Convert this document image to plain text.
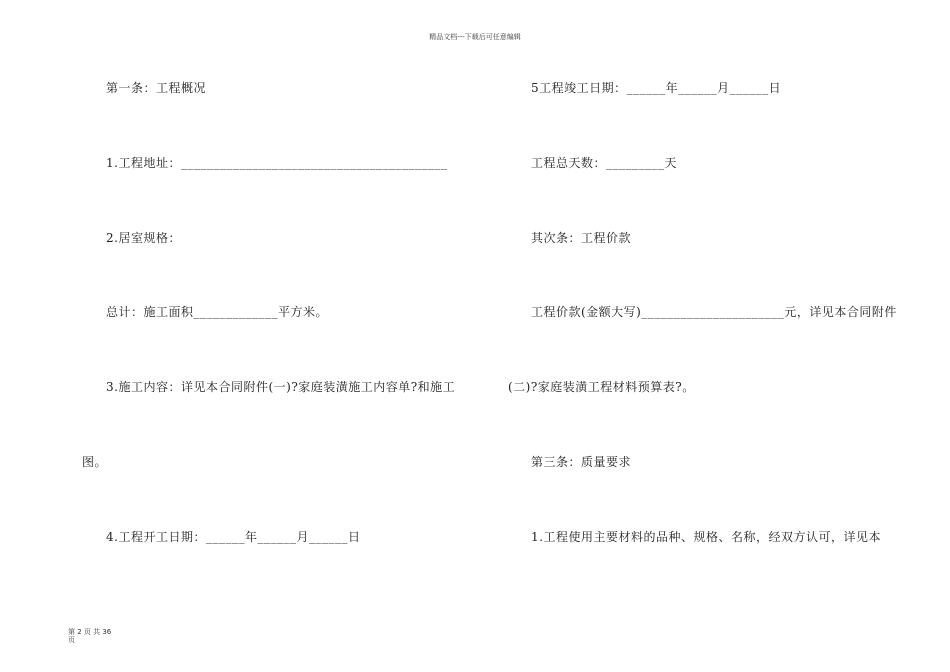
精品文档---下载后可任意编辑
第一条：工程概况
1.工程地址：_________________________________________
2.居室规格：
总计：施工面积_____________平方米。
3.施工内容：详见本合同附件(一)?家庭装潢施工内容单?和施工
图。
4.工程开工日期：______年______月______日
5工程竣工日期：______年______月______日
工程总天数：_________天
其次条：工程价款
工程价款(金额大写)______________________元，详见本合同附件
(二)?家庭装潢工程材料预算表?。
第三条：质量要求
1.工程使用主要材料的品种、规格、名称，经双方认可，详见本
第 2 页 共 36
页
